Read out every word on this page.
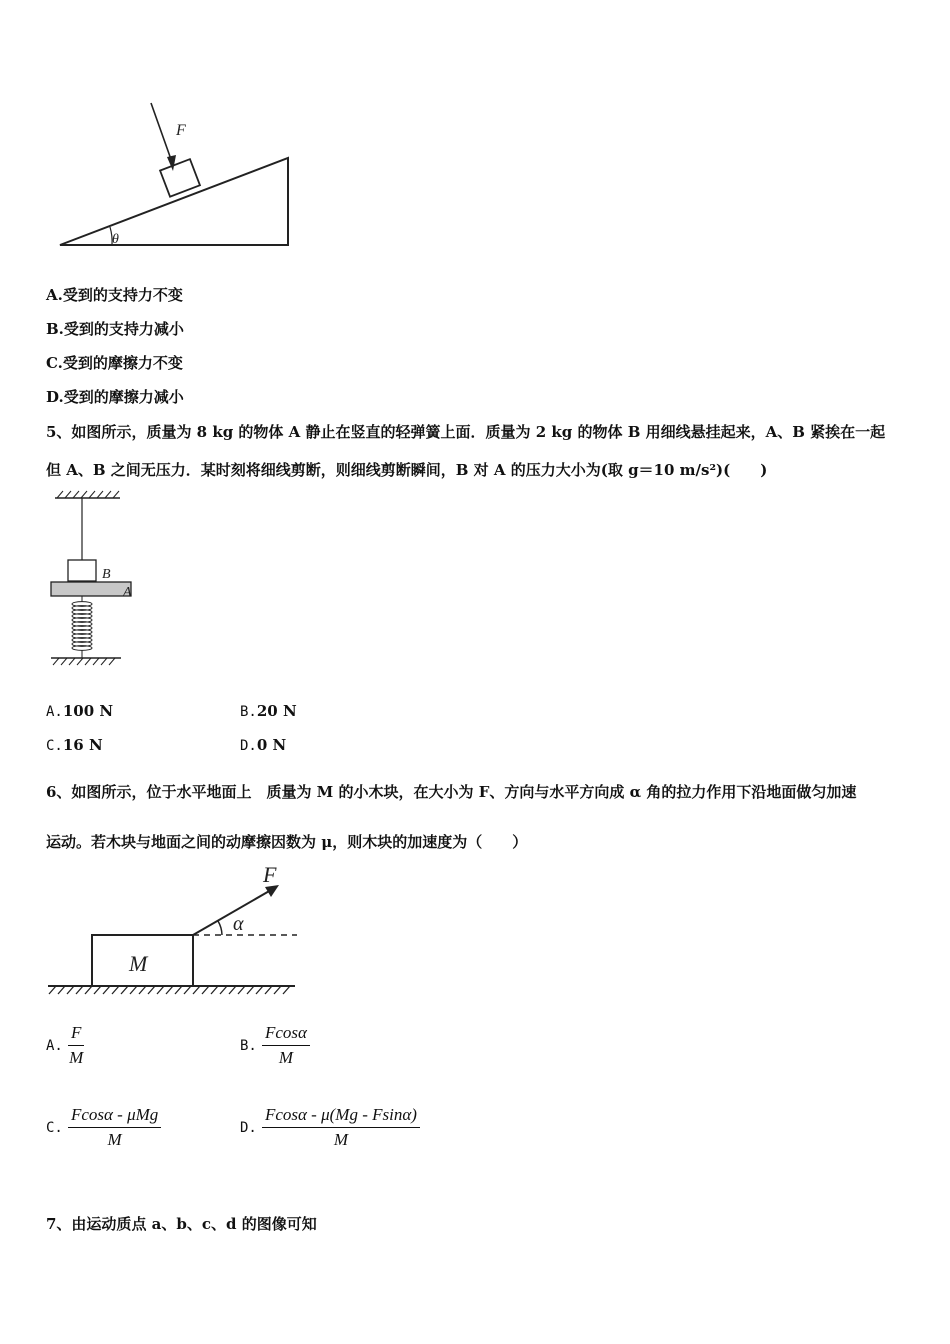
F
θ
A.受到的支持力不变
B.受到的支持力减小
C.受到的摩擦力不变
D.受到的摩擦力减小
5、如图所示，质量为 8 kg 的物体 A 静止在竖直的轻弹簧上面．质量为 2 kg 的物体 B 用细线悬挂起来，A、B 紧挨在一起
但 A、B 之间无压力．某时刻将细线剪断，则细线剪断瞬间，B 对 A 的压力大小为(取 g＝10 m/s²)(　　)
B
A
A.100 N	B.20 N
C.16 N	D.0 N
6、如图所示，位于水平地面上　质量为 M 的小木块，在大小为 F、方向与水平方向成 α 角的拉力作用下沿地面做匀加速
运动。若木块与地面之间的动摩擦因数为 μ，则木块的加速度为（　　）
M
F
α
A. $\frac{F}{M}$	B. $\frac{Fcos\alpha}{M}$
C. $\frac{\text{Fcosα - μMg}}{M}$	D. $\frac{Fcos\alpha - \mu(Mg - Fsin\alpha)}{M}$
7、由运动质点 a、b、c、d 的图像可知
